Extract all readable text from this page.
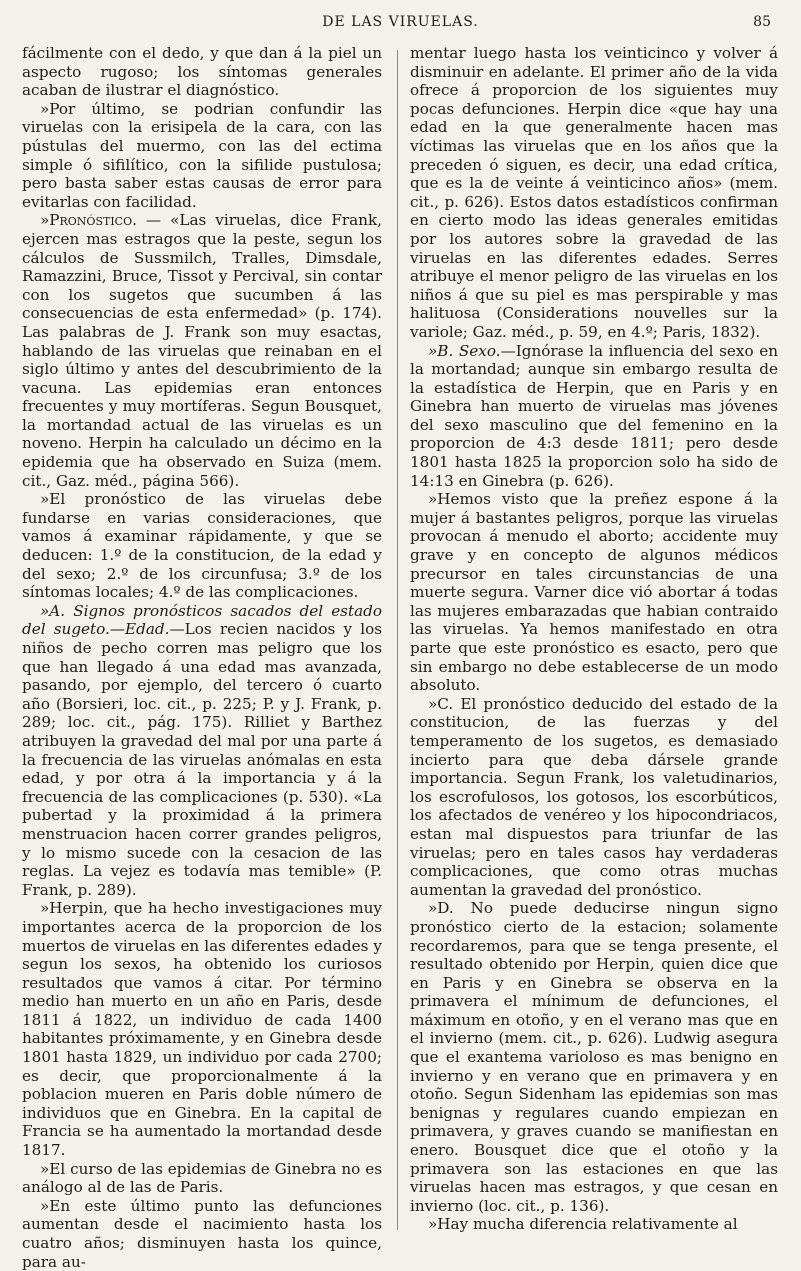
DE LAS VIRUELAS.	85

fácilmente con el dedo, y que dan á la piel un aspecto rugoso; los síntomas generales acaban de ilustrar el diagnóstico.

»Por último, se podrian confundir las viruelas con la erisipela de la cara, con las pústulas del muermo, con las del ectima simple ó sifilítico, con la sifilide pustulosa; pero basta saber estas causas de error para evitarlas con facilidad.

»Pronóstico. — «Las viruelas, dice Frank, ejercen mas estragos que la peste, segun los cálculos de Sussmilch, Tralles, Dimsdale, Ramazzini, Bruce, Tissot y Percival, sin contar con los sugetos que sucumben á las consecuencias de esta enfermedad» (p. 174). Las palabras de J. Frank son muy esactas, hablando de las viruelas que reinaban en el siglo último y antes del descubrimiento de la vacuna. Las epidemias eran entonces frecuentes y muy mortíferas. Segun Bousquet, la mortandad actual de las viruelas es un noveno. Herpin ha calculado un décimo en la epidemia que ha observado en Suiza (mem. cit., Gaz. méd., página 566).

»El pronóstico de las viruelas debe fundarse en varias consideraciones, que vamos á examinar rápidamente, y que se deducen: 1.º de la constitucion, de la edad y del sexo; 2.º de los circunfusa; 3.º de los síntomas locales; 4.º de las complicaciones.

»A. Signos pronósticos sacados del estado del sugeto.—Edad.—Los recien nacidos y los niños de pecho corren mas peligro que los que han llegado á una edad mas avanzada, pasando, por ejemplo, del tercero ó cuarto año (Borsieri, loc. cit., p. 225; P. y J. Frank, p. 289; loc. cit., pág. 175). Rilliet y Barthez atribuyen la gravedad del mal por una parte á la frecuencia de las viruelas anómalas en esta edad, y por otra á la importancia y á la frecuencia de las complicaciones (p. 530). «La pubertad y la proximidad á la primera menstruacion hacen correr grandes peligros, y lo mismo sucede con la cesacion de las reglas. La vejez es todavía mas temible» (P. Frank, p. 289).

»Herpin, que ha hecho investigaciones muy importantes acerca de la proporcion de los muertos de viruelas en las diferentes edades y segun los sexos, ha obtenido los curiosos resultados que vamos á citar. Por término medio han muerto en un año en Paris, desde 1811 á 1822, un individuo de cada 1400 habitantes próximamente, y en Ginebra desde 1801 hasta 1829, un individuo por cada 2700; es decir, que proporcionalmente á la poblacion mueren en Paris doble número de individuos que en Ginebra. En la capital de Francia se ha aumentado la mortandad desde 1817.

»El curso de las epidemias de Ginebra no es análogo al de las de Paris.

»En este último punto las defunciones aumentan desde el nacimiento hasta los cuatro años; disminuyen hasta los quince, para au-

mentar luego hasta los veinticinco y volver á disminuir en adelante. El primer año de la vida ofrece á proporcion de los siguientes muy pocas defunciones. Herpin dice «que hay una edad en la que generalmente hacen mas víctimas las viruelas que en los años que la preceden ó siguen, es decir, una edad crítica, que es la de veinte á veinticinco años» (mem. cit., p. 626). Estos datos estadísticos confirman en cierto modo las ideas generales emitidas por los autores sobre la gravedad de las viruelas en las diferentes edades. Serres atribuye el menor peligro de las viruelas en los niños á que su piel es mas perspirable y mas halituosa (Considerations nouvelles sur la variole; Gaz. méd., p. 59, en 4.º; Paris, 1832).

»B. Sexo.—Ignórase la influencia del sexo en la mortandad; aunque sin embargo resulta de la estadística de Herpin, que en Paris y en Ginebra han muerto de viruelas mas jóvenes del sexo masculino que del femenino en la proporcion de 4:3 desde 1811; pero desde 1801 hasta 1825 la proporcion solo ha sido de 14:13 en Ginebra (p. 626).

»Hemos visto que la preñez espone á la mujer á bastantes peligros, porque las viruelas provocan á menudo el aborto; accidente muy grave y en concepto de algunos médicos precursor en tales circunstancias de una muerte segura. Varner dice vió abortar á todas las mujeres embarazadas que habian contraido las viruelas. Ya hemos manifestado en otra parte que este pronóstico es esacto, pero que sin embargo no debe establecerse de un modo absoluto.

»C. El pronóstico deducido del estado de la constitucion, de las fuerzas y del temperamento de los sugetos, es demasiado incierto para que deba dársele grande importancia. Segun Frank, los valetudinarios, los escrofulosos, los gotosos, los escorbúticos, los afectados de venéreo y los hipocondriacos, estan mal dispuestos para triunfar de las viruelas; pero en tales casos hay verdaderas complicaciones, que como otras muchas aumentan la gravedad del pronóstico.

»D. No puede deducirse ningun signo pronóstico cierto de la estacion; solamente recordaremos, para que se tenga presente, el resultado obtenido por Herpin, quien dice que en Paris y en Ginebra se observa en la primavera el mínimum de defunciones, el máximum en otoño, y en el verano mas que en el invierno (mem. cit., p. 626). Ludwig asegura que el exantema varioloso es mas benigno en invierno y en verano que en primavera y en otoño. Segun Sidenham las epidemias son mas benignas y regulares cuando empiezan en primavera, y graves cuando se manifiestan en enero. Bousquet dice que el otoño y la primavera son las estaciones en que las viruelas hacen mas estragos, y que cesan en invierno (loc. cit., p. 136).

»Hay mucha diferencia relativamente al
